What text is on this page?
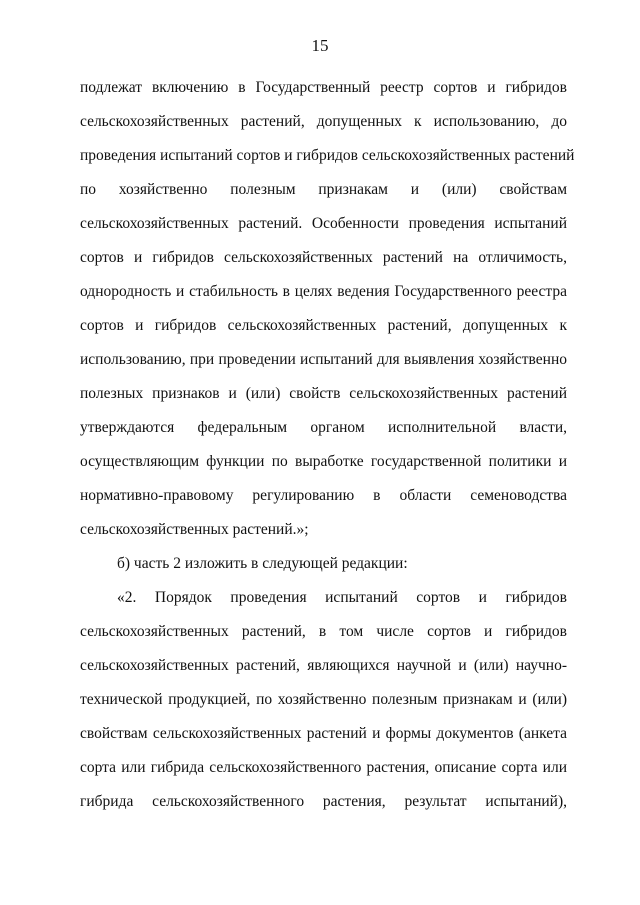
15
подлежат включению в Государственный реестр сортов и гибридов
сельскохозяйственных растений, допущенных к использованию, до
проведения испытаний сортов и гибридов сельскохозяйственных растений
по хозяйственно полезным признакам и (или) свойствам
сельскохозяйственных растений. Особенности проведения испытаний
сортов и гибридов сельскохозяйственных растений на отличимость,
однородность и стабильность в целях ведения Государственного реестра
сортов и гибридов сельскохозяйственных растений, допущенных к
использованию, при проведении испытаний для выявления хозяйственно
полезных признаков и (или) свойств сельскохозяйственных растений
утверждаются федеральным органом исполнительной власти,
осуществляющим функции по выработке государственной политики и
нормативно-правовому регулированию в области семеноводства
сельскохозяйственных растений.»;
б) часть 2 изложить в следующей редакции:
«2. Порядок проведения испытаний сортов и гибридов
сельскохозяйственных растений, в том числе сортов и гибридов
сельскохозяйственных растений, являющихся научной и (или) научно-
технической продукцией, по хозяйственно полезным признакам и (или)
свойствам сельскохозяйственных растений и формы документов (анкета
сорта или гибрида сельскохозяйственного растения, описание сорта или
гибрида сельскохозяйственного растения, результат испытаний),
